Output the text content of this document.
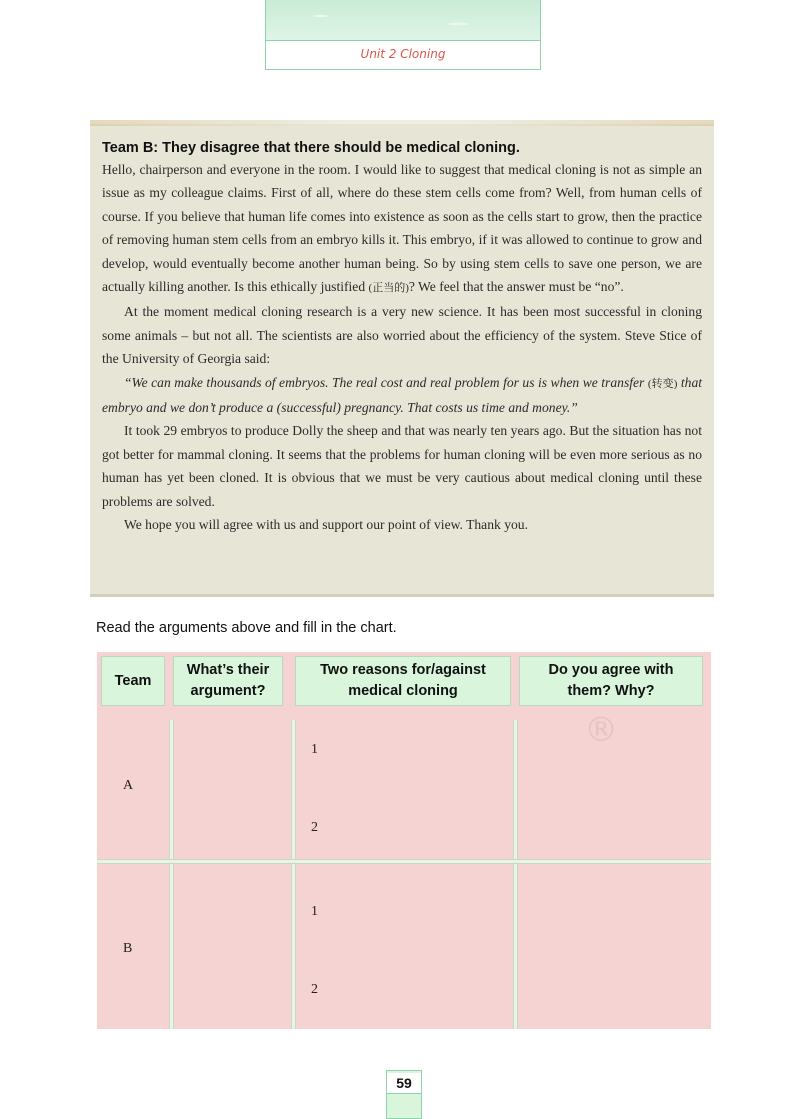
Unit 2 Cloning

Team B: They disagree that there should be medical cloning.

Hello, chairperson and everyone in the room. I would like to suggest that medical cloning is not as simple an issue as my colleague claims. First of all, where do these stem cells come from? Well, from human cells of course. If you believe that human life comes into existence as soon as the cells start to grow, then the practice of removing human stem cells from an embryo kills it. This embryo, if it was allowed to continue to grow and develop, would eventually become another human being. So by using stem cells to save one person, we are actually killing another. Is this ethically justified (正当的)? We feel that the answer must be “no”.

At the moment medical cloning research is a very new science. It has been most successful in cloning some animals – but not all. The scientists are also worried about the efficiency of the system. Steve Stice of the University of Georgia said:

“We can make thousands of embryos. The real cost and real problem for us is when we transfer (转变) that embryo and we don’t produce a (successful) pregnancy. That costs us time and money.”

It took 29 embryos to produce Dolly the sheep and that was nearly ten years ago. But the situation has not got better for mammal cloning. It seems that the problems for human cloning will be even more serious as no human has yet been cloned. It is obvious that we must be very cautious about medical cloning until these problems are solved.

We hope you will agree with us and support our point of view. Thank you.

Read the arguments above and fill in the chart.
Team
What’s their argument?
Two reasons for/against medical cloning
Do you agree with them? Why?
A
1
2
B
1
2
®
59
